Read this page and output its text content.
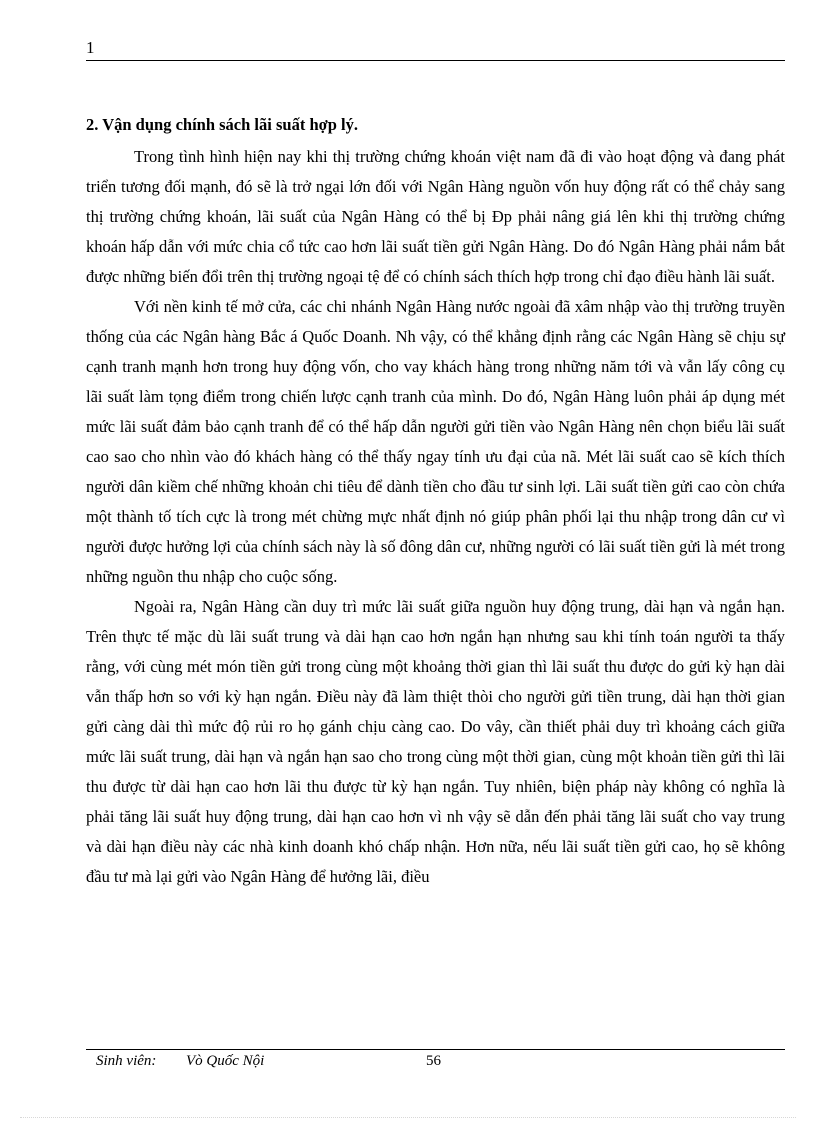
1
2. Vận dụng chính sách lãi suất hợp lý.

Trong tình hình hiện nay khi thị trường chứng khoán việt nam đã đi vào hoạt động và đang phát triển tương đối mạnh, đó sẽ là trở ngại lớn đối với Ngân Hàng nguồn vốn huy động rất có thể chảy sang thị trường chứng khoán, lãi suất của Ngân Hàng có thể bị Đp phải nâng giá lên khi thị trường chứng khoán hấp dẫn với mức chia cổ tức cao hơn lãi suất tiền gửi Ngân Hàng. Do đó Ngân Hàng phải nắm bắt được những biến đổi trên thị trường ngoại tệ để có chính sách thích hợp trong chỉ đạo điều hành lãi suất.

Với nền kinh tế mở cửa, các chi nhánh Ngân Hàng nước ngoài đã xâm nhập vào thị trường truyền thống của các Ngân hàng Bắc á Quốc Doanh. Nh vậy, có thể khẳng định rằng các Ngân Hàng sẽ chịu sự cạnh tranh mạnh hơn trong huy động vốn, cho vay khách hàng trong những năm tới và vẫn lấy công cụ lãi suất làm tọng điểm trong chiến lược cạnh tranh của mình. Do đó, Ngân Hàng luôn phải áp dụng mét mức lãi suất đảm bảo cạnh tranh để có thể hấp dẫn người gửi tiền vào Ngân Hàng nên chọn biểu lãi suất cao sao cho nhìn vào đó khách hàng có thể thấy ngay tính ưu đại của nã. Mét lãi suất cao sẽ kích thích người dân kiềm chế những khoản chi tiêu để dành tiền cho đầu tư sinh lợi. Lãi suất tiền gửi cao còn chứa một thành tố tích cực là trong mét chừng mực nhất định nó giúp phân phối lại thu nhập trong dân cư vì người được hưởng lợi của chính sách này là số đông dân cư, những người có lãi suất tiền gửi là mét trong những nguồn thu nhập cho cuộc sống.

Ngoài ra, Ngân Hàng cần duy trì mức lãi suất giữa nguồn huy động trung, dài hạn và ngắn hạn. Trên thực tế mặc dù lãi suất trung và dài hạn cao hơn ngắn hạn nhưng sau khi tính toán người ta thấy rằng, với cùng mét món tiền gửi trong cùng một khoảng thời gian thì lãi suất thu được do gửi kỳ hạn dài vẫn thấp hơn so với kỳ hạn ngắn. Điều này đã làm thiệt thòi cho người gửi tiền trung, dài hạn thời gian gửi càng dài thì mức độ rủi ro họ gánh chịu càng cao. Do vây, cần thiết phải duy trì khoảng cách giữa mức lãi suất trung, dài hạn và ngắn hạn sao cho trong cùng một thời gian, cùng một khoản tiền gửi thì lãi thu được từ dài hạn cao hơn lãi thu được từ kỳ hạn ngắn. Tuy nhiên, biện pháp này không có nghĩa là phải tăng lãi suất huy động trung, dài hạn cao hơn vì nh vậy sẽ dẫn đến phải tăng lãi suất cho vay trung và dài hạn điều này các nhà kinh doanh khó chấp nhận. Hơn nữa, nếu lãi suất tiền gửi cao, họ sẽ không đầu tư mà lại gửi vào Ngân Hàng để hưởng lãi, điều

Sinh viên: Vò Quốc Nội	56
